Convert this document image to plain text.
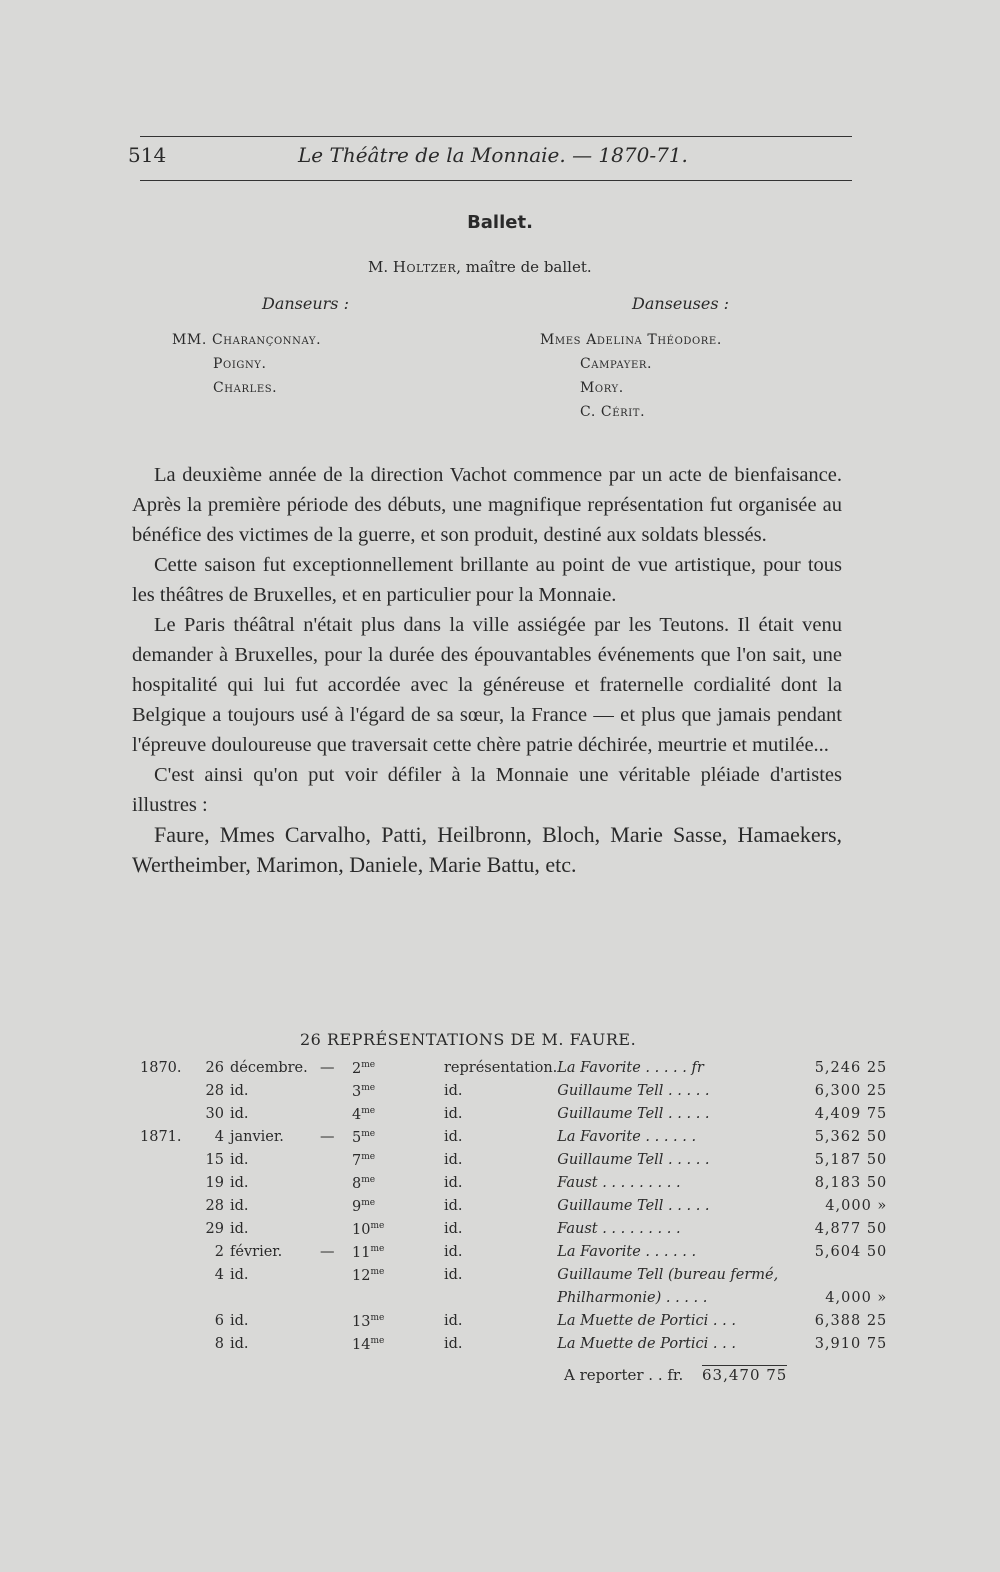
514	Le Théâtre de la Monnaie. — 1870-71.
Ballet.
M. Holtzer, maître de ballet.
Danseurs :	Danseuses :
MM. Charançonnay.
Poigny.
Charles.
Mmes Adelina Théodore.
Campayer.
Mory.
C. Cérit.

La deuxième année de la direction Vachot commence par un acte de bienfaisance. Après la première période des débuts, une magnifique représentation fut organisée au bénéfice des victimes de la guerre, et son produit, destiné aux soldats blessés.

Cette saison fut exceptionnellement brillante au point de vue artistique, pour tous les théâtres de Bruxelles, et en particulier pour la Monnaie.

Le Paris théâtral n'était plus dans la ville assiégée par les Teutons. Il était venu demander à Bruxelles, pour la durée des épouvantables événements que l'on sait, une hospitalité qui lui fut accordée avec la généreuse et fraternelle cordialité dont la Belgique a toujours usé à l'égard de sa sœur, la France — et plus que jamais pendant l'épreuve douloureuse que traversait cette chère patrie déchirée, meurtrie et mutilée...

C'est ainsi qu'on put voir défiler à la Monnaie une véritable pléiade d'artistes illustres :

Faure, Mmes Carvalho, Patti, Heilbronn, Bloch, Marie Sasse, Hamaekers, Wertheimber, Marimon, Daniele, Marie Battu, etc.

26 REPRÉSENTATIONS DE M. FAURE.
1870.	26	décembre.	—	$2^{me}$	représentation.	La Favorite . . . . . fr	5,246 25
	28	id.		$3^{me}$	id.	Guillaume Tell . . . . .	6,300 25
	30	id.		$4^{me}$	id.	Guillaume Tell . . . . .	4,409 75
1871.	4	janvier.	—	$5^{me}$	id.	La Favorite . . . . . .	5,362 50
	15	id.		$7^{me}$	id.	Guillaume Tell . . . . .	5,187 50
	19	id.		$8^{me}$	id.	Faust . . . . . . . . .	8,183 50
	28	id.		$9^{me}$	id.	Guillaume Tell . . . . .	4,000 »
	29	id.		$10^{me}$	id.	Faust . . . . . . . . .	4,877 50
	2	février.	—	$11^{me}$	id.	La Favorite . . . . . .	5,604 50
	4	id.		$12^{me}$	id.	Guillaume Tell (bureau fermé,	
						Philharmonie) . . . . .	4,000 »
	6	id.		$13^{me}$	id.	La Muette de Portici . . .	6,388 25
	8	id.		$14^{me}$	id.	La Muette de Portici . . .	3,910 75
A reporter . . fr. 63,470 75
